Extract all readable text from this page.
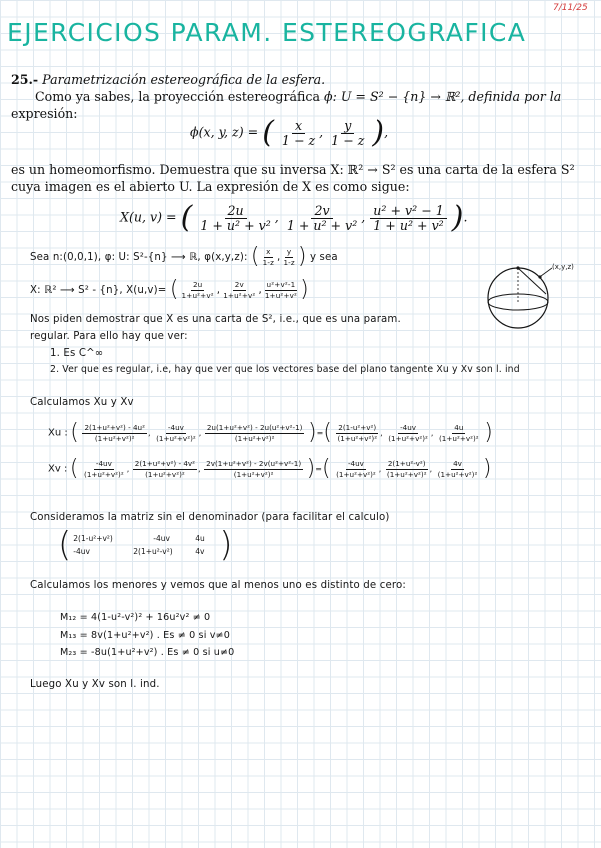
7/11/25
EJERCICIOS PARAM. ESTEREOGRAFICA
25.- Parametrización estereográfica de la esfera.
Como ya sabes, la proyección estereográfica ϕ: U = S² − {n} → ℝ², definida por la
expresión:
ϕ(x, y, z) = ( $\frac{x}{1 - z}$ , $\frac{y}{1 - z}$ ),
es un homeomorfismo. Demuestra que su inversa X: ℝ² → S² es una carta de la esfera S²
cuya imagen es el abierto U. La expresión de X es como sigue:
X(u, v) = ( $\frac{2u}{\text{1 + u² + v²}}$ , $\frac{2v}{\text{1 + u² + v²}}$ , $\frac{\text{u² + v² − 1}}{\text{1 + u² + v²}}$ ).
Sea n:(0,0,1), φ: U: S²-{n} ⟶ ℝ, φ(x,y,z): ( $\frac{x}{1-z}$ , $\frac{y}{1-z}$ ) y sea
X: ℝ² ⟶ S² - {n}, X(u,v)= ( $\frac{2u}{\text{1+u²+v²}}$ , $\frac{2v}{\text{1+u²+v²}}$ , $\frac{\text{u²+v²-1}}{\text{1+u²+v²}}$ )
(x,y,z)
Nos piden demostrar que X es una carta de S², i.e., que es una param.
regular. Para ello hay que ver:
1. Es C^∞
2. Ver que es regular, i.e, hay que ver que los vectores base del plano tangente Xu y Xv son l. ind
Calculamos Xu y Xv
Xu : ( $\frac{\text{2(1+u²+v²) - 4u²}}{\text{(1+u²+v²)²}}$ , $\frac{-4uv}{\text{(1+u²+v²)²}}$ , $\frac{\text{2u(1+u²+v²) - 2u(u²+v²-1)}}{\text{(1+u²+v²)²}}$ )=( $\frac{\text{2(1-u²+v²)}}{\text{(1+u²+v²)²}}$ , $\frac{-4uv}{\text{(1+u²+v²)²}}$ , $\frac{4u}{\text{(1+u²+v²)²}}$ )
Xv : ( $\frac{-4uv}{\text{(1+u²+v²)²}}$ , $\frac{\text{2(1+u²+v²) - 4v²}}{\text{(1+u²+v²)²}}$ , $\frac{\text{2v(1+u²+v²) - 2v(u²+v²-1)}}{\text{(1+u²+v²)²}}$ )=( $\frac{-4uv}{\text{(1+u²+v²)²}}$ , $\frac{\text{2(1+u²-v²)}}{\text{(1+u²+v²)²}}$ , $\frac{4v}{\text{(1+u²+v²)²}}$ )
Consideramos la matriz sin el denominador (para facilitar el calculo)
( 2(1-u²+v²)	-4uv	4u
-4uv	2(1+u²-v²)	4v )
Calculamos los menores y vemos que al menos uno es distinto de cero:
M₁₂ = 4(1-u²-v²)² + 16u²v² ≠ 0
M₁₃ = 8v(1+u²+v²) . Es ≠ 0 si v≠0
M₂₃ = -8u(1+u²+v²) . Es ≠ 0 si u≠0
Luego Xu y Xv son l. ind.
